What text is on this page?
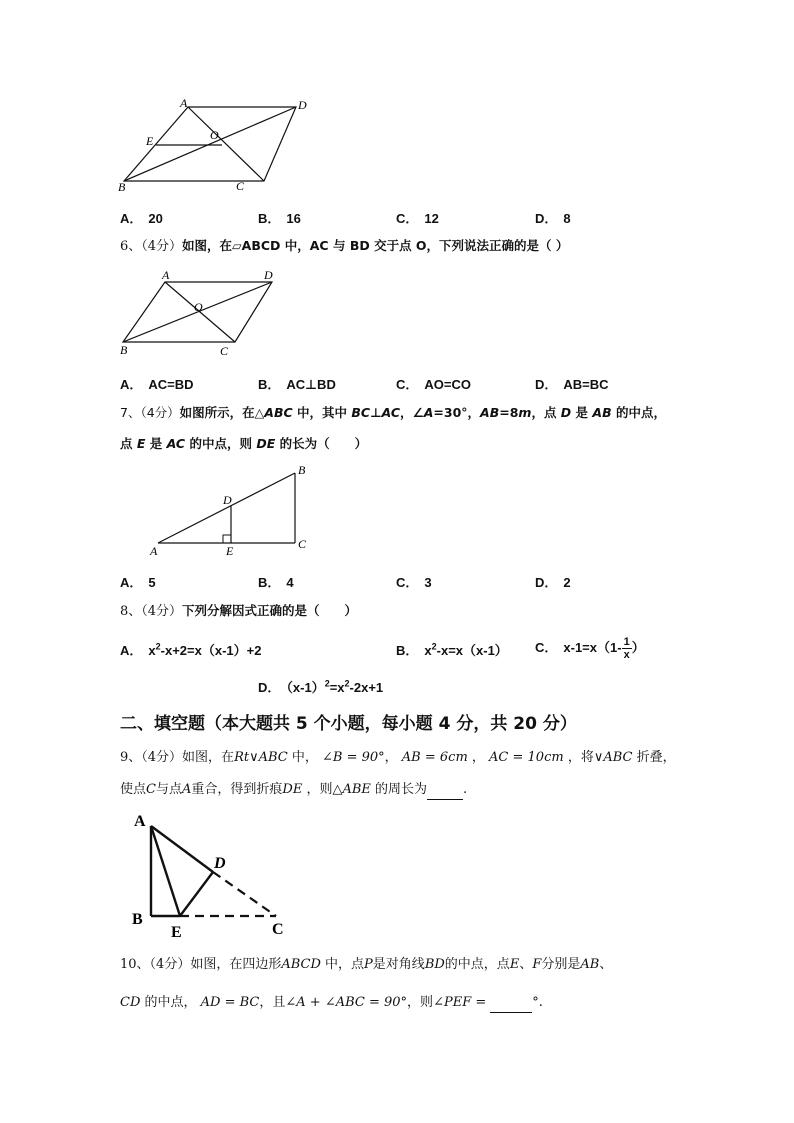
A	D
E	O
B	C
A． 20	B． 16	C． 12	D． 8
6、（4分）如图，在▱ABCD 中，AC 与 BD 交于点 O，下列说法正确的是（ ）
A	D
O
B	C
A． AC=BD	B． AC⊥BD	C． AO=CO	D． AB=BC
7、（4分）如图所示，在△ABC 中，其中 BC⊥AC，∠A=30°，AB=8m，点 D 是 AB 的中点，
点 E 是 AC 的中点，则 DE 的长为（　　）
A
B
C
D
E
A． 5	B． 4	C． 3	D． 2
8、（4分）下列分解因式正确的是（　　）
A． $x^2-x+2=x(x-1)+2$	B． $x^2-x=x(x-1)$ C． $x-1=x(1- \frac{1}{x}$ ）
D． $(x-1)^2=x^2-2x+1$
二、填空题（本大题共 5 个小题，每小题 4 分，共 20 分）
9、（4分）如图，在Rt∨ABC 中， ∠B = 90°， AB = 6cm ， AC = 10cm ，将∨ABC 折叠，
使点C与点A重合，得到折痕DE ，则△ABE 的周长为	.
A
D
B
E	C
10、（4分）如图，在四边形ABCD 中，点P是对角线BD的中点，点E、F分别是AB、
CD 的中点， AD = BC，且∠A + ∠ABC = 90°，则∠PEF =	°.
